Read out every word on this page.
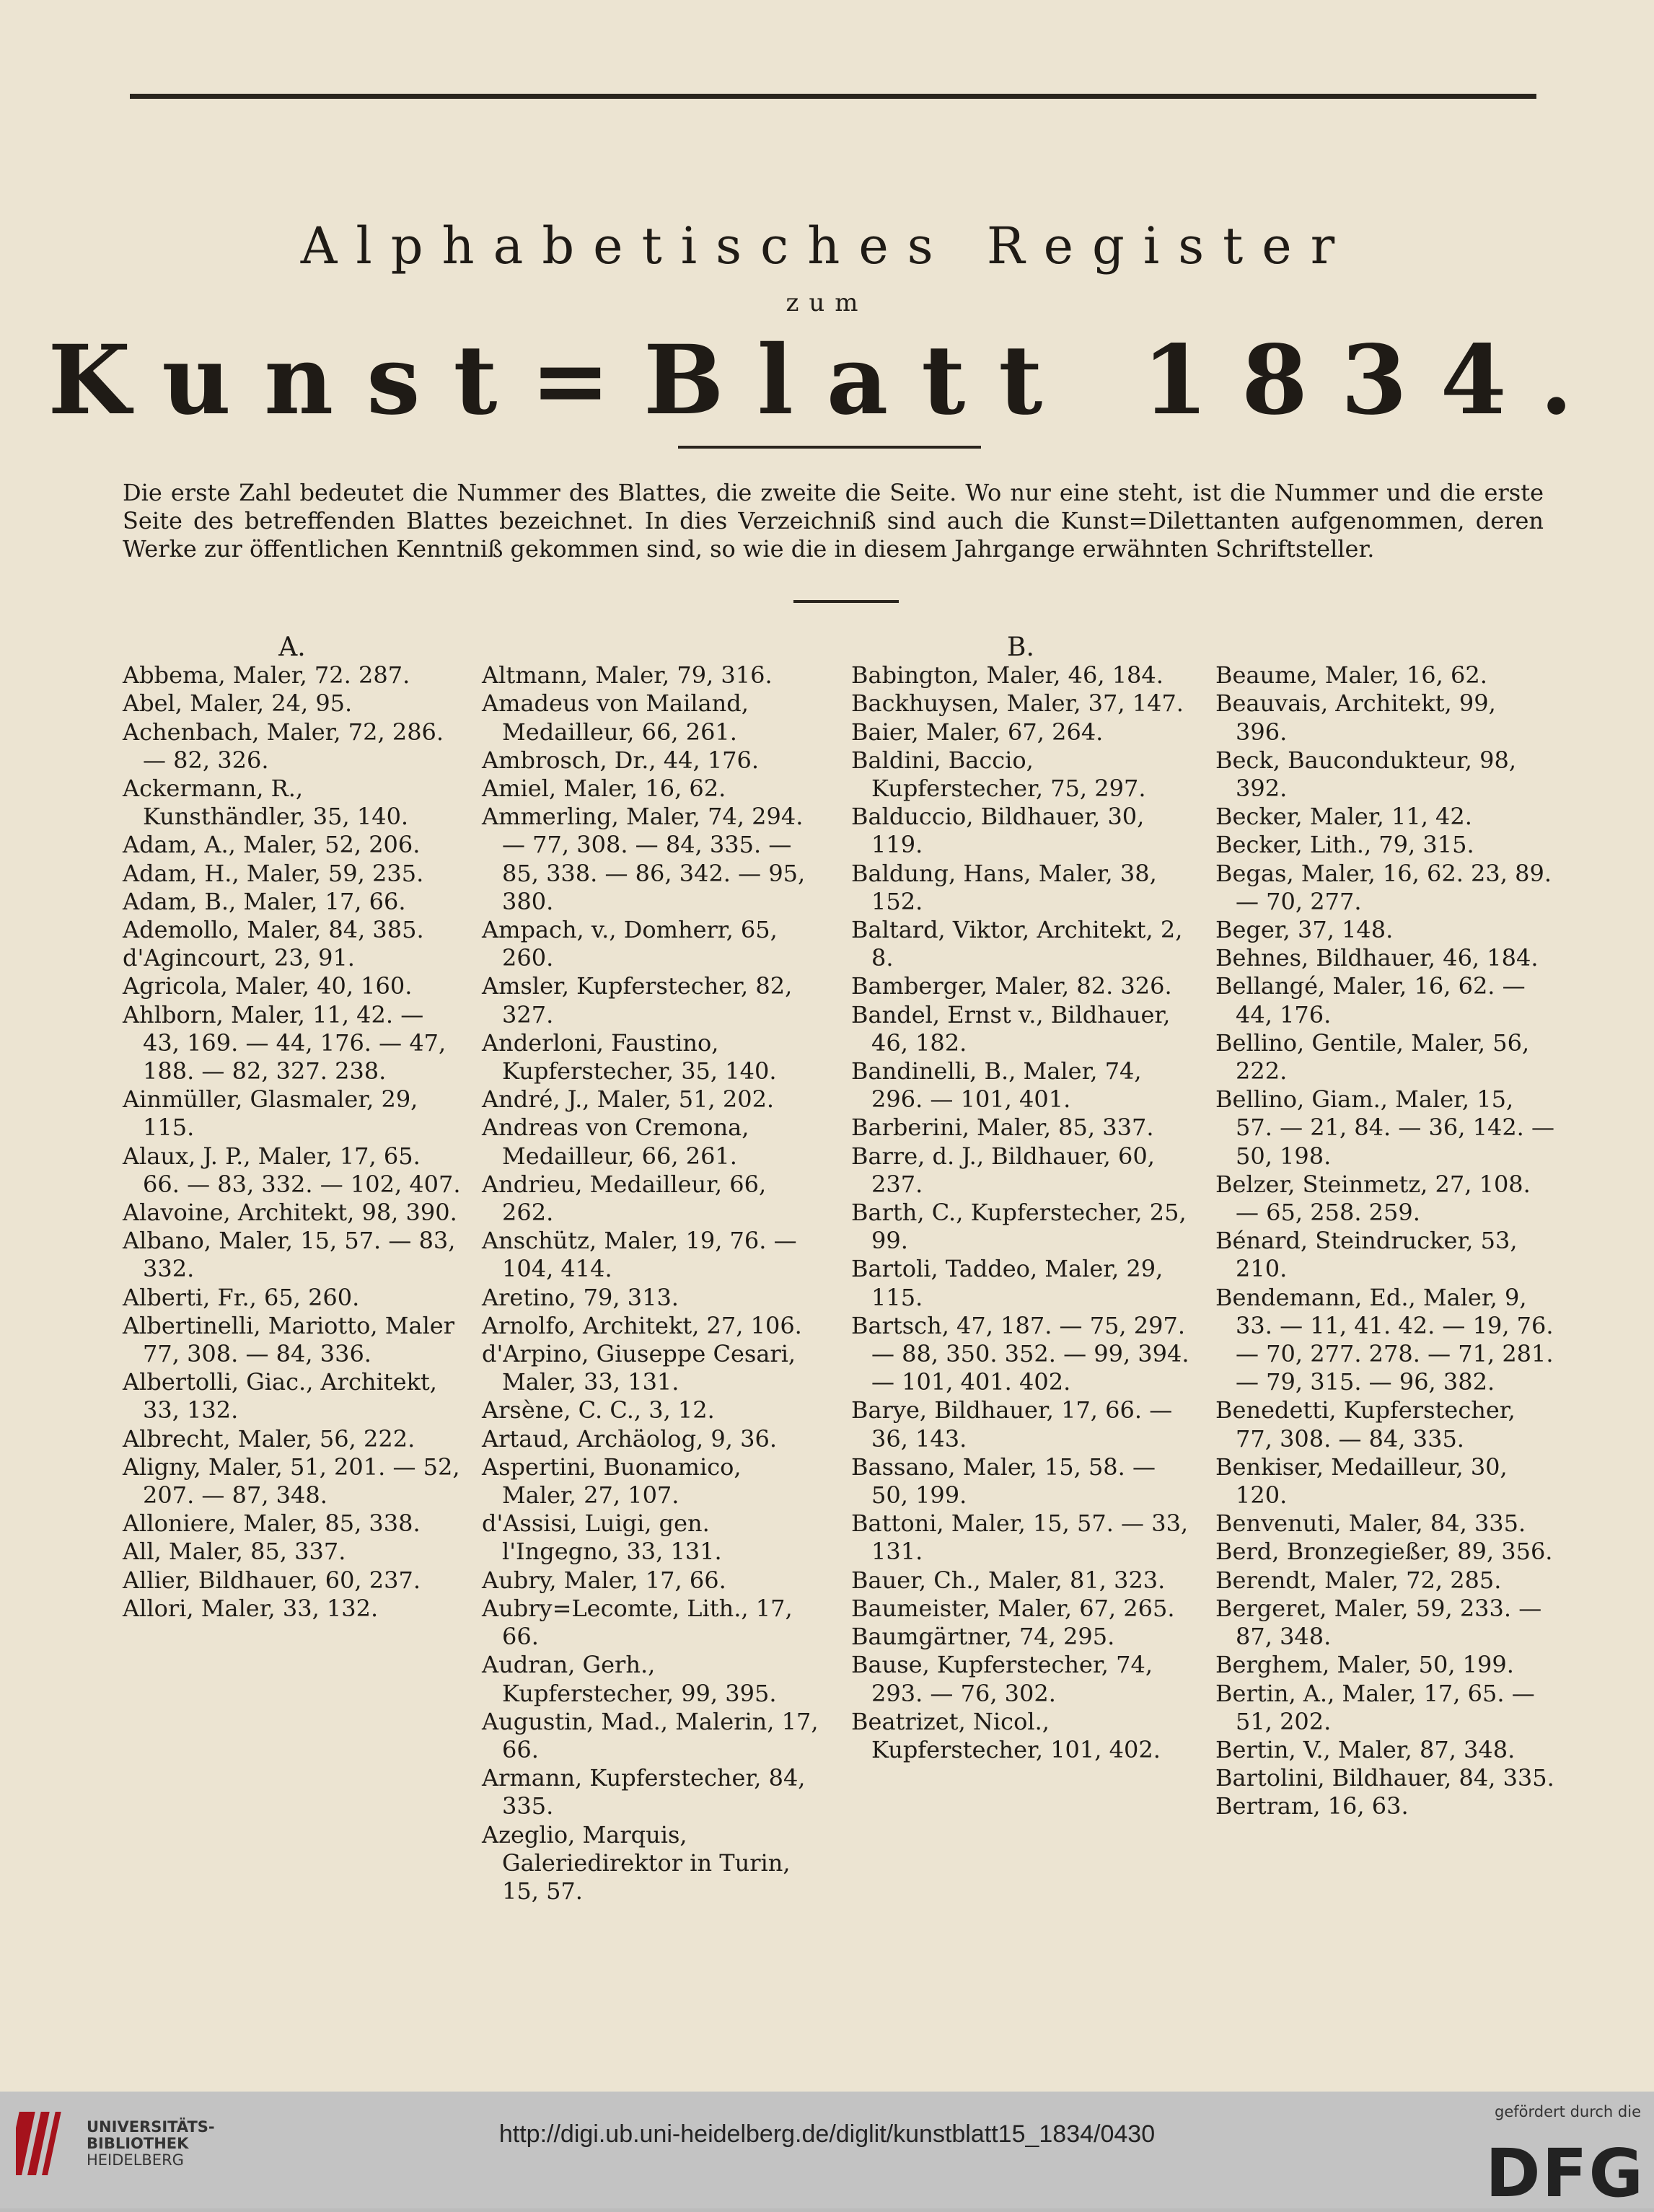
Alphabetisches Register
zum
Kunst=Blatt 1834.
Die erste Zahl bedeutet die Nummer des Blattes, die zweite die Seite. Wo nur eine steht, ist die Nummer und die erste Seite des betreffenden Blattes bezeichnet. In dies Verzeichniß sind auch die Kunst=Dilettanten aufgenommen, deren Werke zur öffentlichen Kenntniß gekommen sind, so wie die in diesem Jahrgange erwähnten Schriftsteller.
A.
Abbema, Maler, 72. 287.
Abel, Maler, 24, 95.
Achenbach, Maler, 72, 286. — 82, 326.
Ackermann, R., Kunsthändler, 35, 140.
Adam, A., Maler, 52, 206.
Adam, H., Maler, 59, 235.
Adam, B., Maler, 17, 66.
Ademollo, Maler, 84, 385.
d'Agincourt, 23, 91.
Agricola, Maler, 40, 160.
Ahlborn, Maler, 11, 42. — 43, 169. — 44, 176. — 47, 188. — 82, 327. 238.
Ainmüller, Glasmaler, 29, 115.
Alaux, J. P., Maler, 17, 65. 66. — 83, 332. — 102, 407.
Alavoine, Architekt, 98, 390.
Albano, Maler, 15, 57. — 83, 332.
Alberti, Fr., 65, 260.
Albertinelli, Mariotto, Maler 77, 308. — 84, 336.
Albertolli, Giac., Architekt, 33, 132.
Albrecht, Maler, 56, 222.
Aligny, Maler, 51, 201. — 52, 207. — 87, 348.
Alloniere, Maler, 85, 338.
All, Maler, 85, 337.
Allier, Bildhauer, 60, 237.
Allori, Maler, 33, 132.
Altmann, Maler, 79, 316.
Amadeus von Mailand, Medailleur, 66, 261.
Ambrosch, Dr., 44, 176.
Amiel, Maler, 16, 62.
Ammerling, Maler, 74, 294. — 77, 308. — 84, 335. — 85, 338. — 86, 342. — 95, 380.
Ampach, v., Domherr, 65, 260.
Amsler, Kupferstecher, 82, 327.
Anderloni, Faustino, Kupferstecher, 35, 140.
André, J., Maler, 51, 202.
Andreas von Cremona, Medailleur, 66, 261.
Andrieu, Medailleur, 66, 262.
Anschütz, Maler, 19, 76. — 104, 414.
Aretino, 79, 313.
Arnolfo, Architekt, 27, 106.
d'Arpino, Giuseppe Cesari, Maler, 33, 131.
Arsène, C. C., 3, 12.
Artaud, Archäolog, 9, 36.
Aspertini, Buonamico, Maler, 27, 107.
d'Assisi, Luigi, gen. l'Ingegno, 33, 131.
Aubry, Maler, 17, 66.
Aubry=Lecomte, Lith., 17, 66.
Audran, Gerh., Kupferstecher, 99, 395.
Augustin, Mad., Malerin, 17, 66.
Armann, Kupferstecher, 84, 335.
Azeglio, Marquis, Galeriedirektor in Turin, 15, 57.
B.
Babington, Maler, 46, 184.
Backhuysen, Maler, 37, 147.
Baier, Maler, 67, 264.
Baldini, Baccio, Kupferstecher, 75, 297.
Balduccio, Bildhauer, 30, 119.
Baldung, Hans, Maler, 38, 152.
Baltard, Viktor, Architekt, 2, 8.
Bamberger, Maler, 82. 326.
Bandel, Ernst v., Bildhauer, 46, 182.
Bandinelli, B., Maler, 74, 296. — 101, 401.
Barberini, Maler, 85, 337.
Barre, d. J., Bildhauer, 60, 237.
Barth, C., Kupferstecher, 25, 99.
Bartoli, Taddeo, Maler, 29, 115.
Bartsch, 47, 187. — 75, 297. — 88, 350. 352. — 99, 394. — 101, 401. 402.
Barye, Bildhauer, 17, 66. — 36, 143.
Bassano, Maler, 15, 58. — 50, 199.
Battoni, Maler, 15, 57. — 33, 131.
Bauer, Ch., Maler, 81, 323.
Baumeister, Maler, 67, 265.
Baumgärtner, 74, 295.
Bause, Kupferstecher, 74, 293. — 76, 302.
Beatrizet, Nicol., Kupferstecher, 101, 402.
Beaume, Maler, 16, 62.
Beauvais, Architekt, 99, 396.
Beck, Baucondukteur, 98, 392.
Becker, Maler, 11, 42.
Becker, Lith., 79, 315.
Begas, Maler, 16, 62. 23, 89. — 70, 277.
Beger, 37, 148.
Behnes, Bildhauer, 46, 184.
Bellangé, Maler, 16, 62. — 44, 176.
Bellino, Gentile, Maler, 56, 222.
Bellino, Giam., Maler, 15, 57. — 21, 84. — 36, 142. — 50, 198.
Belzer, Steinmetz, 27, 108. — 65, 258. 259.
Bénard, Steindrucker, 53, 210.
Bendemann, Ed., Maler, 9, 33. — 11, 41. 42. — 19, 76. — 70, 277. 278. — 71, 281. — 79, 315. — 96, 382.
Benedetti, Kupferstecher, 77, 308. — 84, 335.
Benkiser, Medailleur, 30, 120.
Benvenuti, Maler, 84, 335.
Berd, Bronzegießer, 89, 356.
Berendt, Maler, 72, 285.
Bergeret, Maler, 59, 233. — 87, 348.
Berghem, Maler, 50, 199.
Bertin, A., Maler, 17, 65. — 51, 202.
Bertin, V., Maler, 87, 348.
Bartolini, Bildhauer, 84, 335.
Bertram, 16, 63.
UNIVERSITÄTS-
BIBLIOTHEK
HEIDELBERG
http://digi.ub.uni-heidelberg.de/diglit/kunstblatt15_1834/0430
gefördert durch die
DFG
